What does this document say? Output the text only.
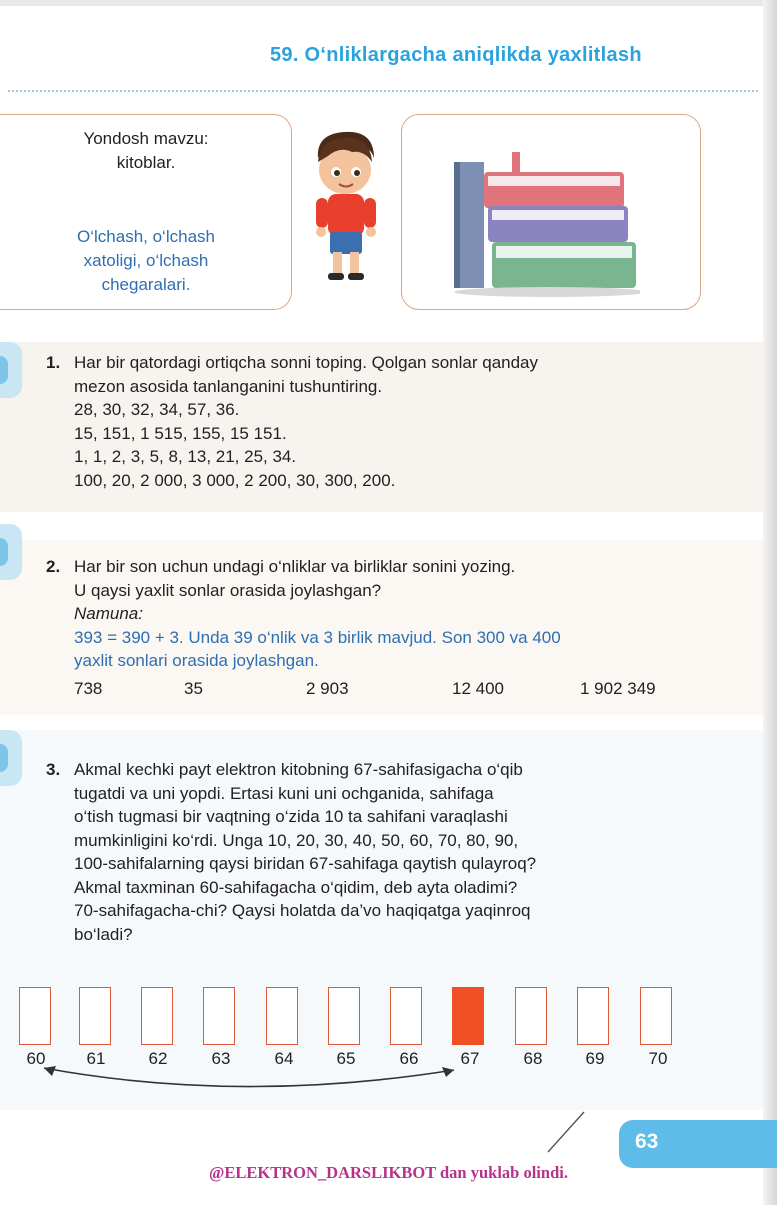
59. O‘nliklargacha aniqlikda yaxlitlash
Yondosh mavzu:
kitoblar.
O‘lchash, o‘lchash
xatoligi, o‘lchash
chegaralari.
1. Har bir qatordagi ortiqcha sonni toping. Qolgan sonlar qanday
mezon asosida tanlanganini tushuntiring.
28, 30, 32, 34, 57, 36.
15, 151, 1 515, 155, 15 151.
1, 1, 2, 3, 5, 8, 13, 21, 25, 34.
100, 20, 2 000, 3 000, 2 200, 30, 300, 200.
2. Har bir son uchun undagi o‘nliklar va birliklar sonini yozing.
U qaysi yaxlit sonlar orasida joylashgan?
Namuna:
393 = 390 + 3. Unda 39 o‘nlik va 3 birlik mavjud. Son 300 va 400
yaxlit sonlari orasida joylashgan.
738	35	2 903	12 400	1 902 349
3. Akmal kechki payt elektron kitobning 67-sahifasigacha o‘qib
tugatdi va uni yopdi. Ertasi kuni uni ochganida, sahifaga
o‘tish tugmasi bir vaqtning o‘zida 10 ta sahifani varaqlashi
mumkinligini ko‘rdi. Unga 10, 20, 30, 40, 50, 60, 70, 80, 90,
100-sahifalarning qaysi biridan 67-sahifaga qaytish qulayroq?
Akmal taxminan 60-sahifagacha o‘qidim, deb ayta oladimi?
70-sahifagacha-chi? Qaysi holatda da’vo haqiqatga yaqinroq
bo‘ladi?
60	61	62	63	64	65	66	67	68	69	70
63
@ELEKTRON_DARSLIKBOT dan yuklab olindi.
